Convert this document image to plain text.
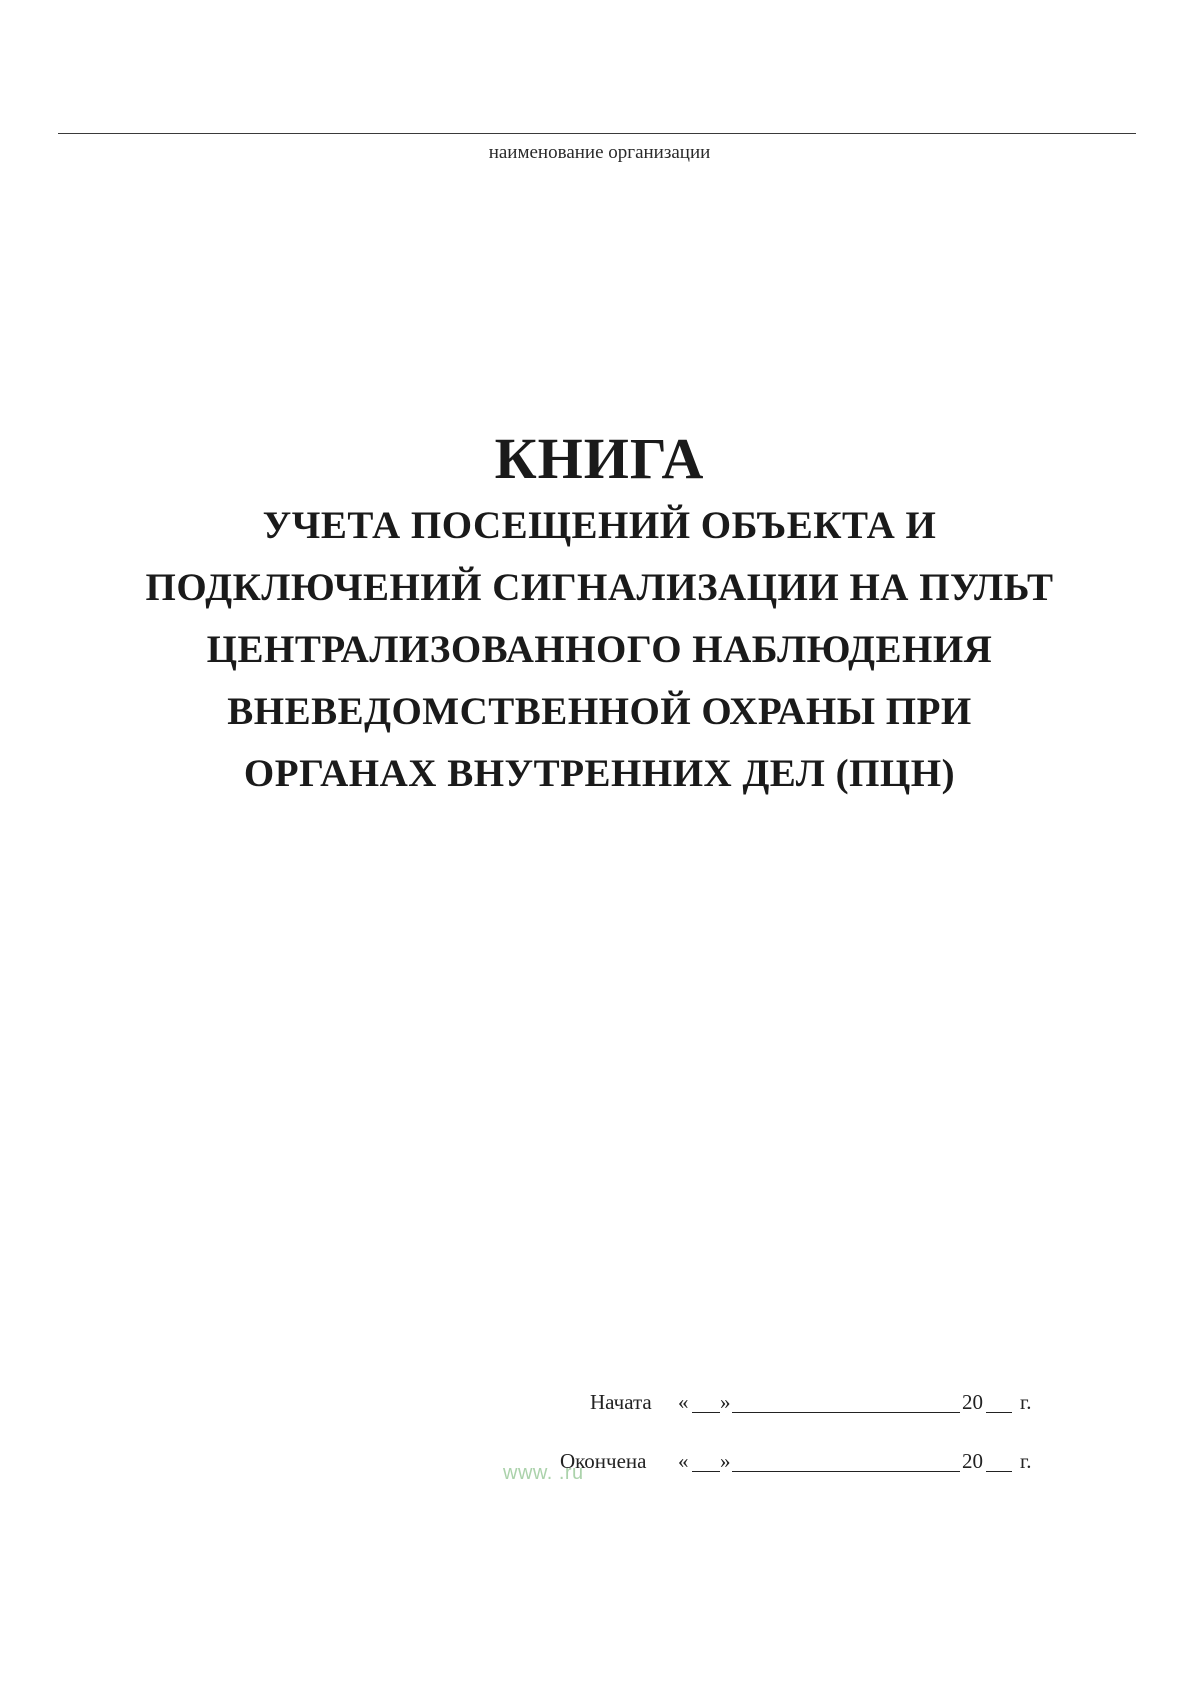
наименование организации
КНИГА
УЧЕТА ПОСЕЩЕНИЙ ОБЪЕКТА И
ПОДКЛЮЧЕНИЙ СИГНАЛИЗАЦИИ НА ПУЛЬТ
ЦЕНТРАЛИЗОВАННОГО НАБЛЮДЕНИЯ
ВНЕВЕДОМСТВЕННОЙ ОХРАНЫ ПРИ
ОРГАНАХ ВНУТРЕННИХ ДЕЛ (ПЦН)
Начата « »	20 г.
Окончена « »	20 г.
www. .ru
